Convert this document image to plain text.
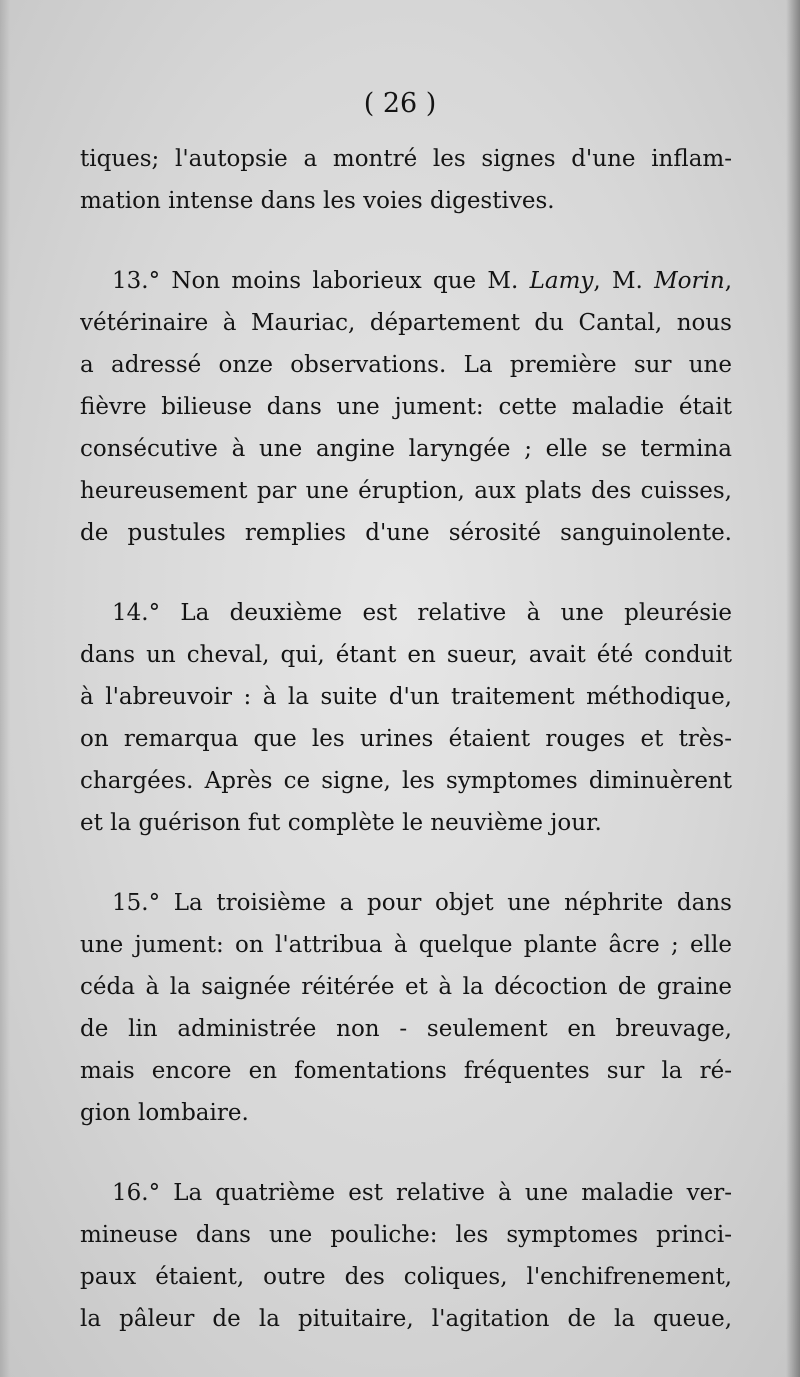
( 26 )
tiques; l'autopsie a montré les signes d'une inflam-
mation intense dans les voies digestives.
13.° Non moins laborieux que M. Lamy, M. Morin,
vétérinaire à Mauriac, département du Cantal, nous
a adressé onze observations. La première sur une
fièvre bilieuse dans une jument: cette maladie était
consécutive à une angine laryngée ; elle se termina
heureusement par une éruption, aux plats des cuisses,
de pustules remplies d'une sérosité sanguinolente.
14.° La deuxième est relative à une pleurésie
dans un cheval, qui, étant en sueur, avait été conduit
à l'abreuvoir : à la suite d'un traitement méthodique,
on remarqua que les urines étaient rouges et très-
chargées. Après ce signe, les symptomes diminuèrent
et la guérison fut complète le neuvième jour.
15.° La troisième a pour objet une néphrite dans
une jument: on l'attribua à quelque plante âcre ; elle
céda à la saignée réitérée et à la décoction de graine
de lin administrée non - seulement en breuvage,
mais encore en fomentations fréquentes sur la ré-
gion lombaire.
16.° La quatrième est relative à une maladie ver-
mineuse dans une pouliche: les symptomes princi-
paux étaient, outre des coliques, l'enchifrenement,
la pâleur de la pituitaire, l'agitation de la queue,
